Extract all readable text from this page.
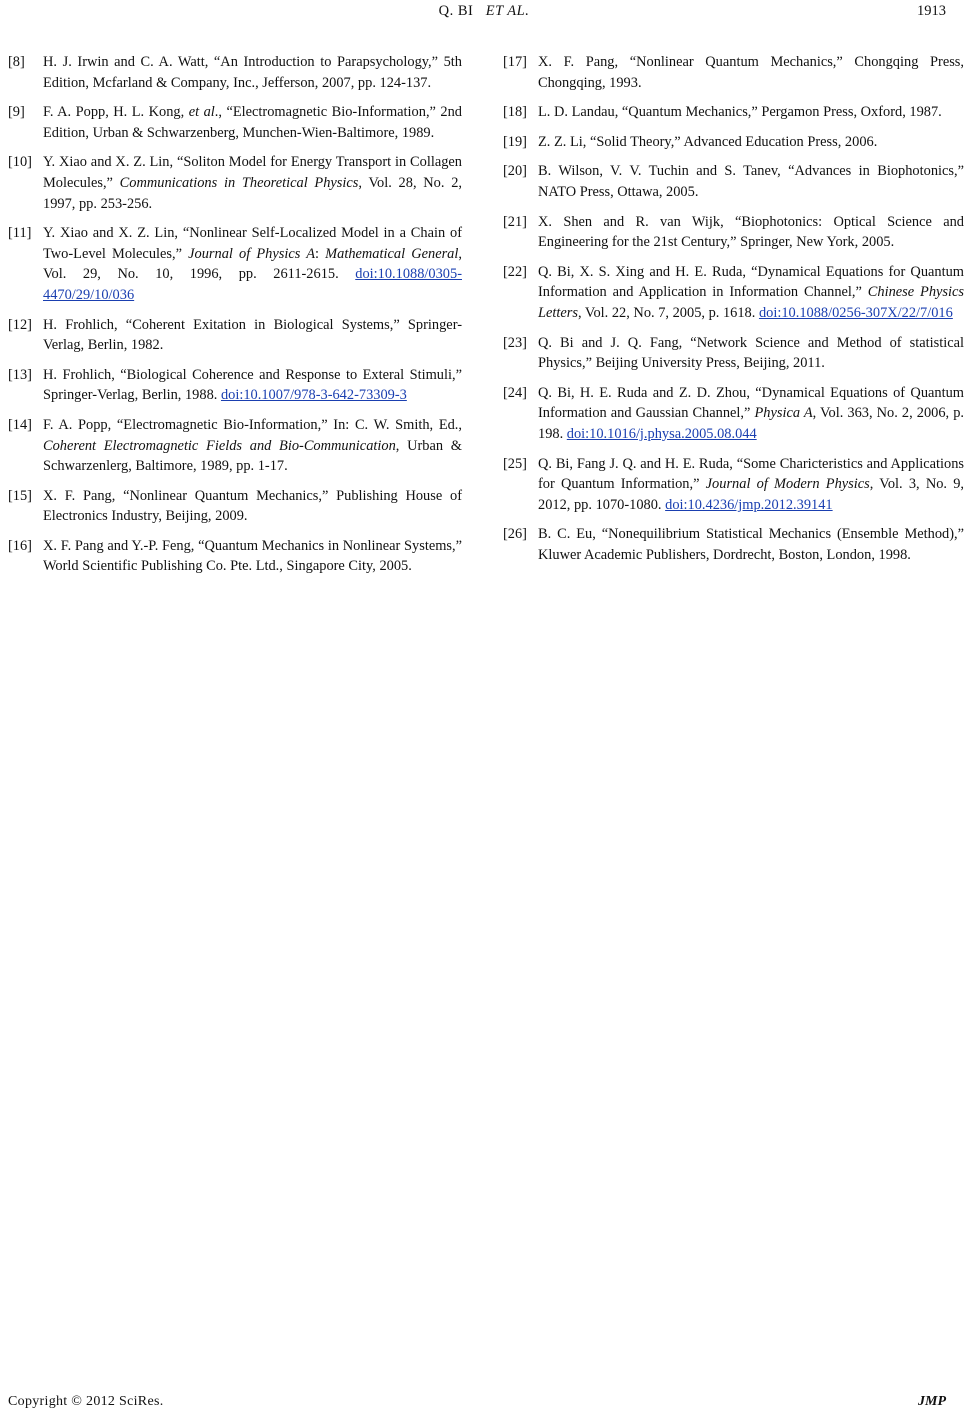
Q. BI ET AL.	1913
[8] H. J. Irwin and C. A. Watt, “An Introduction to Parapsychology,” 5th Edition, Mcfarland & Company, Inc., Jefferson, 2007, pp. 124-137.
[9] F. A. Popp, H. L. Kong, et al., “Electromagnetic Bio-Information,” 2nd Edition, Urban & Schwarzenberg, Munchen-Wien-Baltimore, 1989.
[10] Y. Xiao and X. Z. Lin, “Soliton Model for Energy Transport in Collagen Molecules,” Communications in Theoretical Physics, Vol. 28, No. 2, 1997, pp. 253-256.
[11] Y. Xiao and X. Z. Lin, “Nonlinear Self-Localized Model in a Chain of Two-Level Molecules,” Journal of Physics A: Mathematical General, Vol. 29, No. 10, 1996, pp. 2611-2615. doi:10.1088/0305-4470/29/10/036
[12] H. Frohlich, “Coherent Exitation in Biological Systems,” Springer-Verlag, Berlin, 1982.
[13] H. Frohlich, “Biological Coherence and Response to Exteral Stimuli,” Springer-Verlag, Berlin, 1988. doi:10.1007/978-3-642-73309-3
[14] F. A. Popp, “Electromagnetic Bio-Information,” In: C. W. Smith, Ed., Coherent Electromagnetic Fields and Bio-Communication, Urban & Schwarzenlerg, Baltimore, 1989, pp. 1-17.
[15] X. F. Pang, “Nonlinear Quantum Mechanics,” Publishing House of Electronics Industry, Beijing, 2009.
[16] X. F. Pang and Y.-P. Feng, “Quantum Mechanics in Nonlinear Systems,” World Scientific Publishing Co. Pte. Ltd., Singapore City, 2005.
[17] X. F. Pang, “Nonlinear Quantum Mechanics,” Chongqing Press, Chongqing, 1993.
[18] L. D. Landau, “Quantum Mechanics,” Pergamon Press, Oxford, 1987.
[19] Z. Z. Li, “Solid Theory,” Advanced Education Press, 2006.
[20] B. Wilson, V. V. Tuchin and S. Tanev, “Advances in Biophotonics,” NATO Press, Ottawa, 2005.
[21] X. Shen and R. van Wijk, “Biophotonics: Optical Science and Engineering for the 21st Century,” Springer, New York, 2005.
[22] Q. Bi, X. S. Xing and H. E. Ruda, “Dynamical Equations for Quantum Information and Application in Information Channel,” Chinese Physics Letters, Vol. 22, No. 7, 2005, p. 1618. doi:10.1088/0256-307X/22/7/016
[23] Q. Bi and J. Q. Fang, “Network Science and Method of statistical Physics,” Beijing University Press, Beijing, 2011.
[24] Q. Bi, H. E. Ruda and Z. D. Zhou, “Dynamical Equations of Quantum Information and Gaussian Channel,” Physica A, Vol. 363, No. 2, 2006, p. 198. doi:10.1016/j.physa.2005.08.044
[25] Q. Bi, Fang J. Q. and H. E. Ruda, “Some Charicteristics and Applications for Quantum Information,” Journal of Modern Physics, Vol. 3, No. 9, 2012, pp. 1070-1080. doi:10.4236/jmp.2012.39141
[26] B. C. Eu, “Nonequilibrium Statistical Mechanics (Ensemble Method),” Kluwer Academic Publishers, Dordrecht, Boston, London, 1998.
Copyright © 2012 SciRes.	JMP
